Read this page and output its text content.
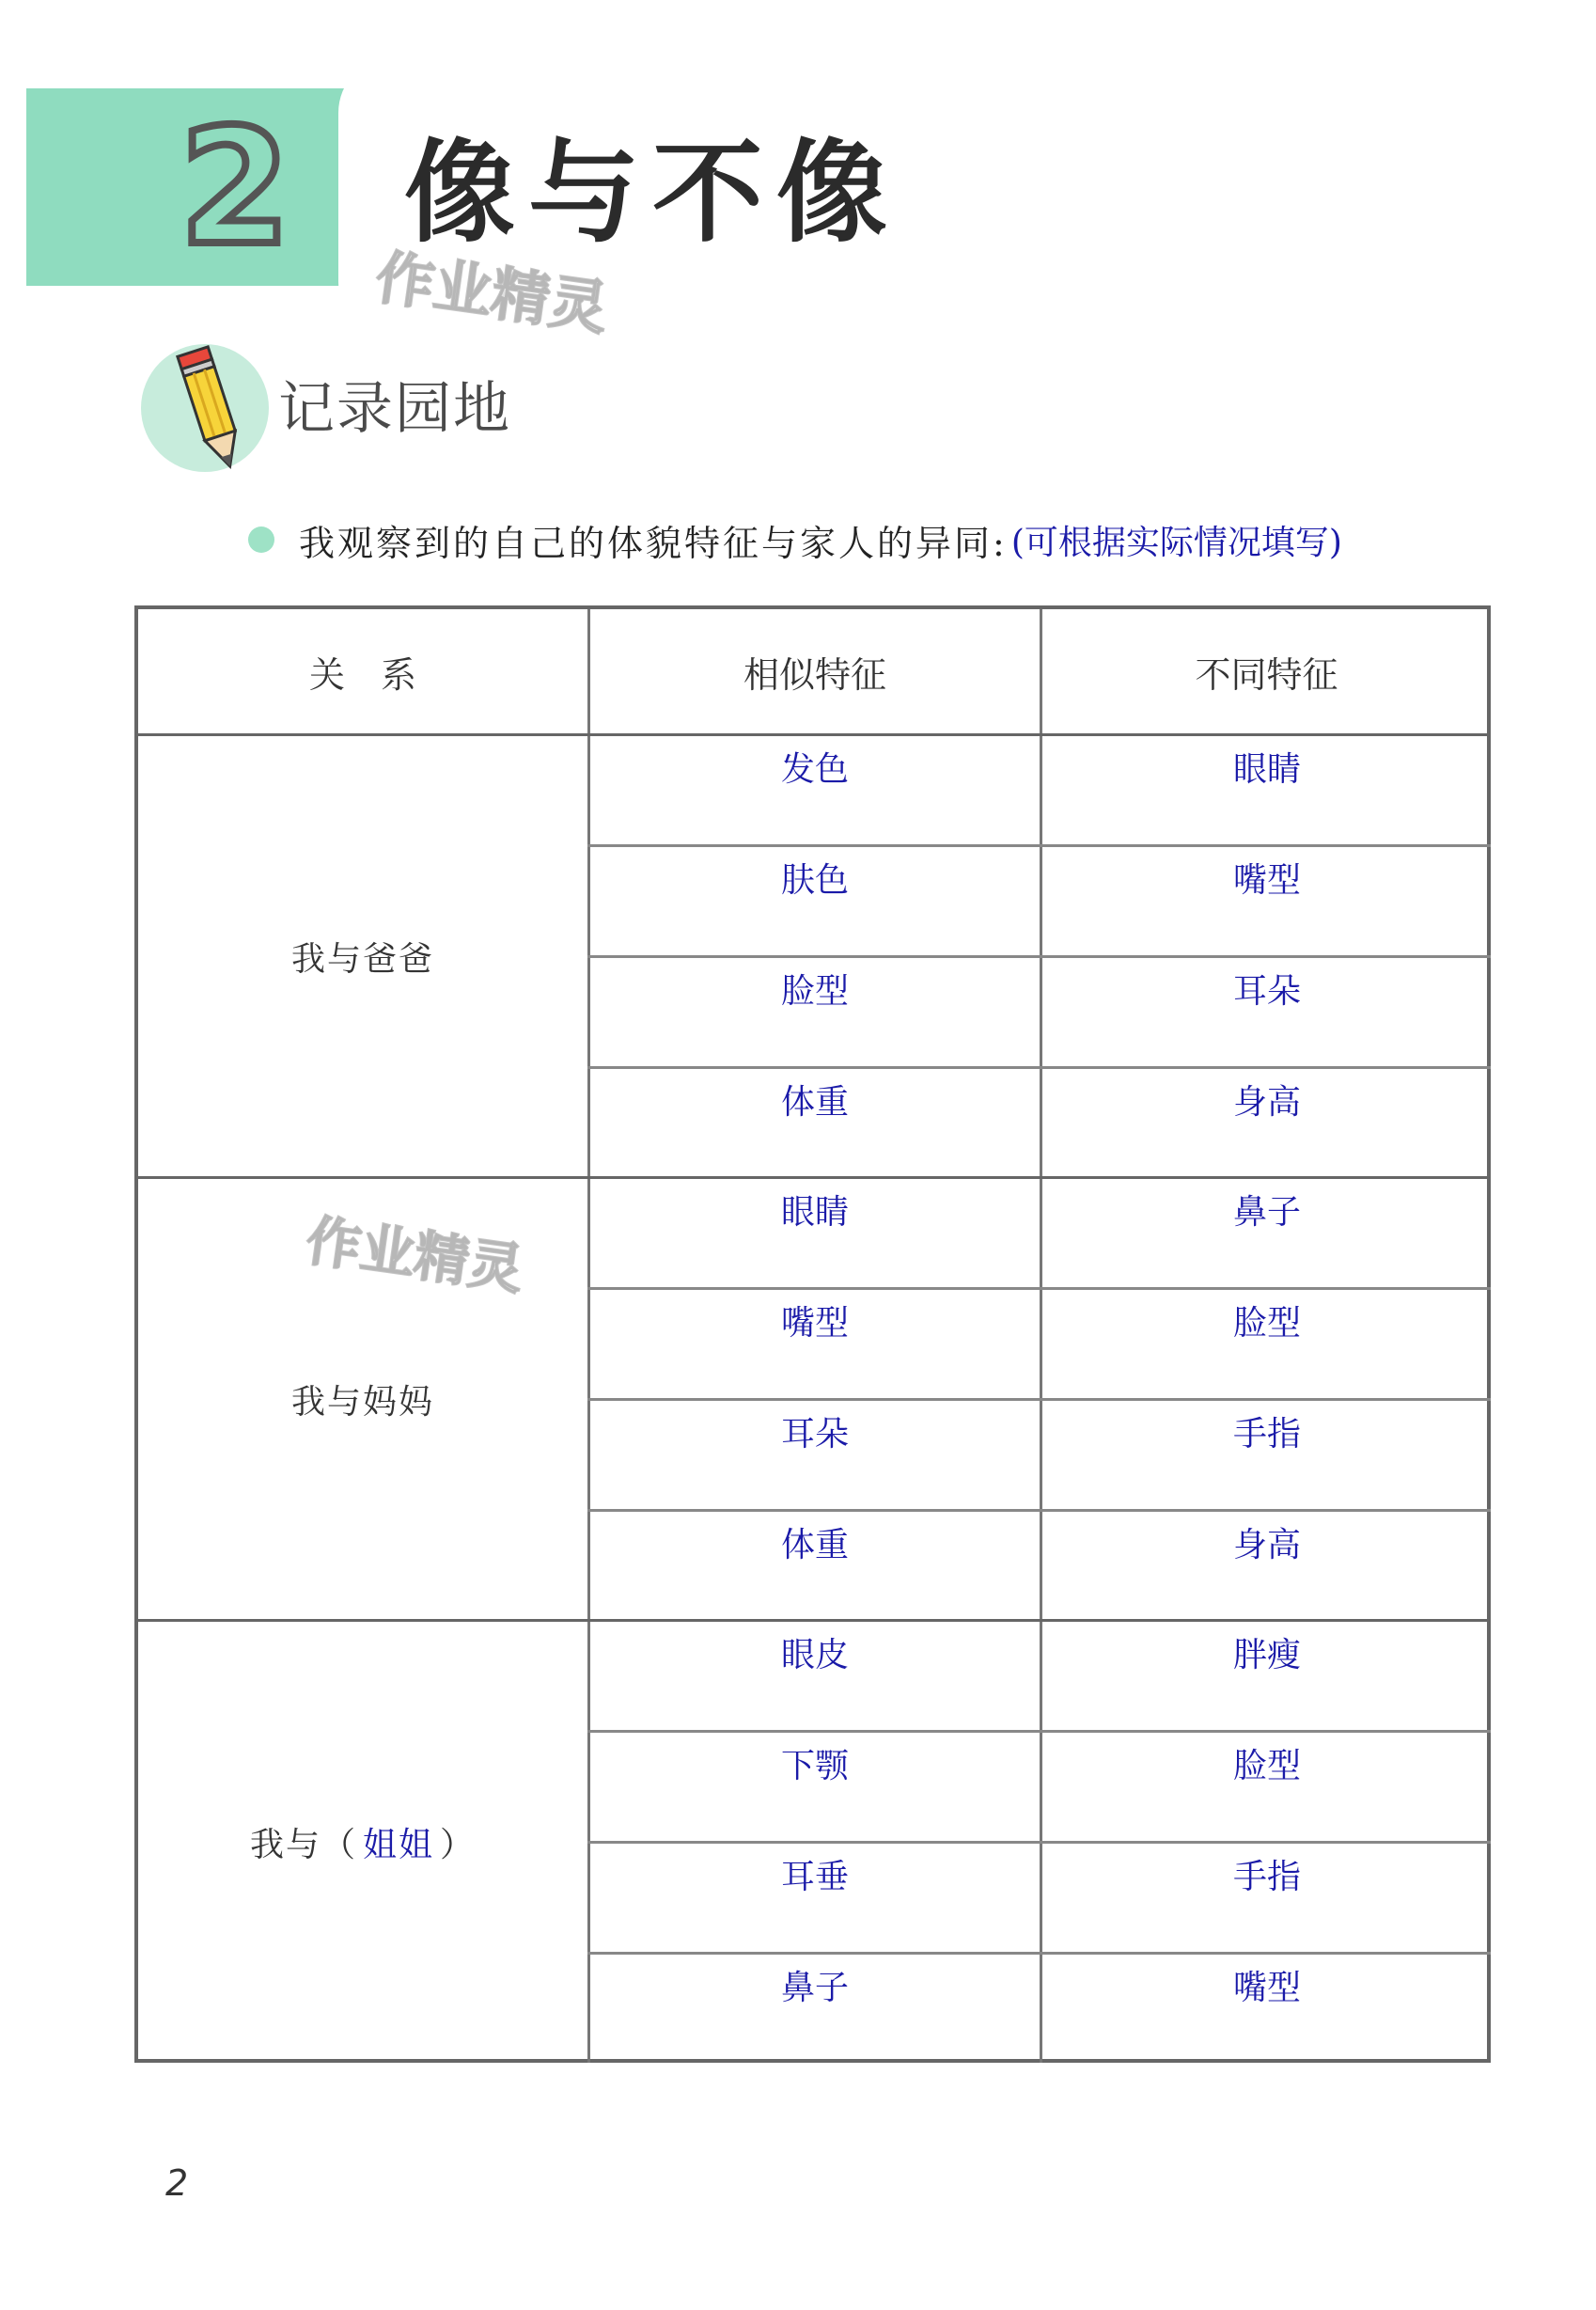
2 像与不像
作业精灵
记录园地
我观察到的自己的体貌特征与家人的异同: (可根据实际情况填写)
关　系	相似特征	不同特征
我与爸爸
发色
肤色
脸型
体重
眼睛
嘴型
耳朵
身高
我与妈妈
眼睛
嘴型
耳朵
体重
鼻子
脸型
手指
身高
我与（ 姐姐 ）
眼皮
下颚
耳垂
鼻子
胖瘦
脸型
手指
嘴型
作业精灵
2
